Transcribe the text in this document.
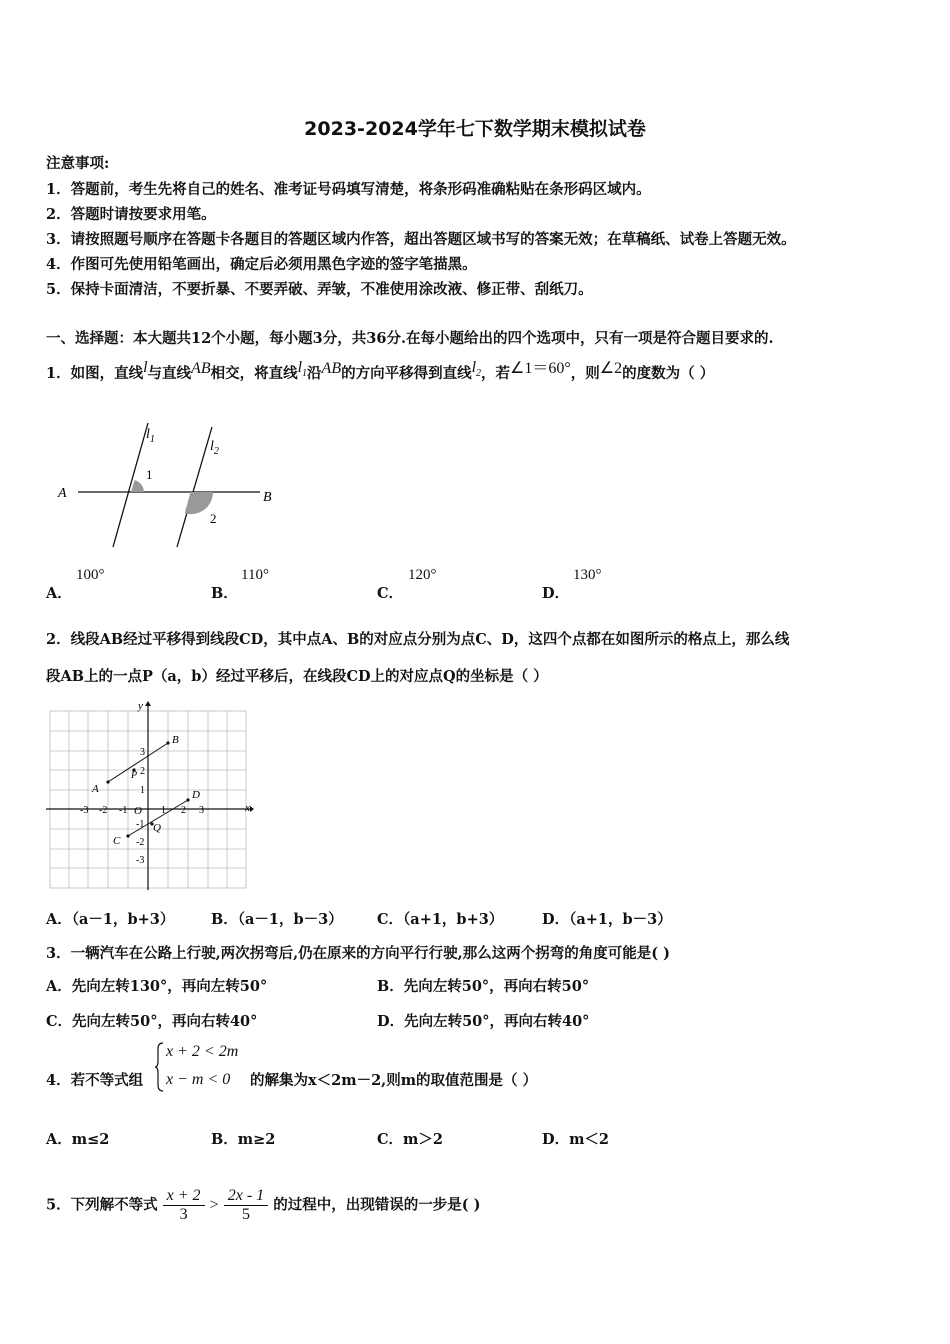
2023-2024学年七下数学期末模拟试卷
注意事项:
1．答题前，考生先将自己的姓名、准考证号码填写清楚，将条形码准确粘贴在条形码区域内。
2．答题时请按要求用笔。
3．请按照题号顺序在答题卡各题目的答题区域内作答，超出答题区域书写的答案无效；在草稿纸、试卷上答题无效。
4．作图可先使用铅笔画出，确定后必须用黑色字迹的签字笔描黑。
5．保持卡面清洁，不要折暴、不要弄破、弄皱，不准使用涂改液、修正带、刮纸刀。
一、选择题：本大题共12个小题，每小题3分，共36分.在每小题给出的四个选项中，只有一项是符合题目要求的.
1．如图，直线l与直线AB相交，将直线$l_1$沿AB的方向平移得到直线$l_2$，若∠1＝60°，则∠2的度数为（ ）
A	B
$l_1$	$l_2$
1
2
A．
100°
B．
110°
C．
120°
D．
130°
2．线段AB经过平移得到线段CD，其中点A、B的对应点分别为点C、D，这四个点都在如图所示的格点上，那么线
段AB上的一点P（a，b）经过平移后，在线段CD上的对应点Q的坐标是（ ）
y
x
O
B
A
P
D
C
Q
-3 -2 -1	1 2 3
3
2
1
-1
-2
-3
A．（a－1，b+3）	B．（a－1，b－3） C．（a+1，b+3）	D．（a+1，b－3）
3．一辆汽车在公路上行驶,两次拐弯后,仍在原来的方向平行行驶,那么这两个拐弯的角度可能是( )
A．先向左转130°，再向左转50°	B．先向左转50°，再向右转50°
C．先向左转50°，再向右转40°	D．先向左转50°，再向右转40°
4．若不等式组
x + 2 < 2m
x − m < 0 的解集为x＜2m－2,则m的取值范围是（ ）
A．m≤2	B．m≥2	C．m＞2	D．m＜2
5．下列解不等式 $\frac{x + 2}{3} > \frac{2x - 1}{5}$ 的过程中，出现错误的一步是( )
